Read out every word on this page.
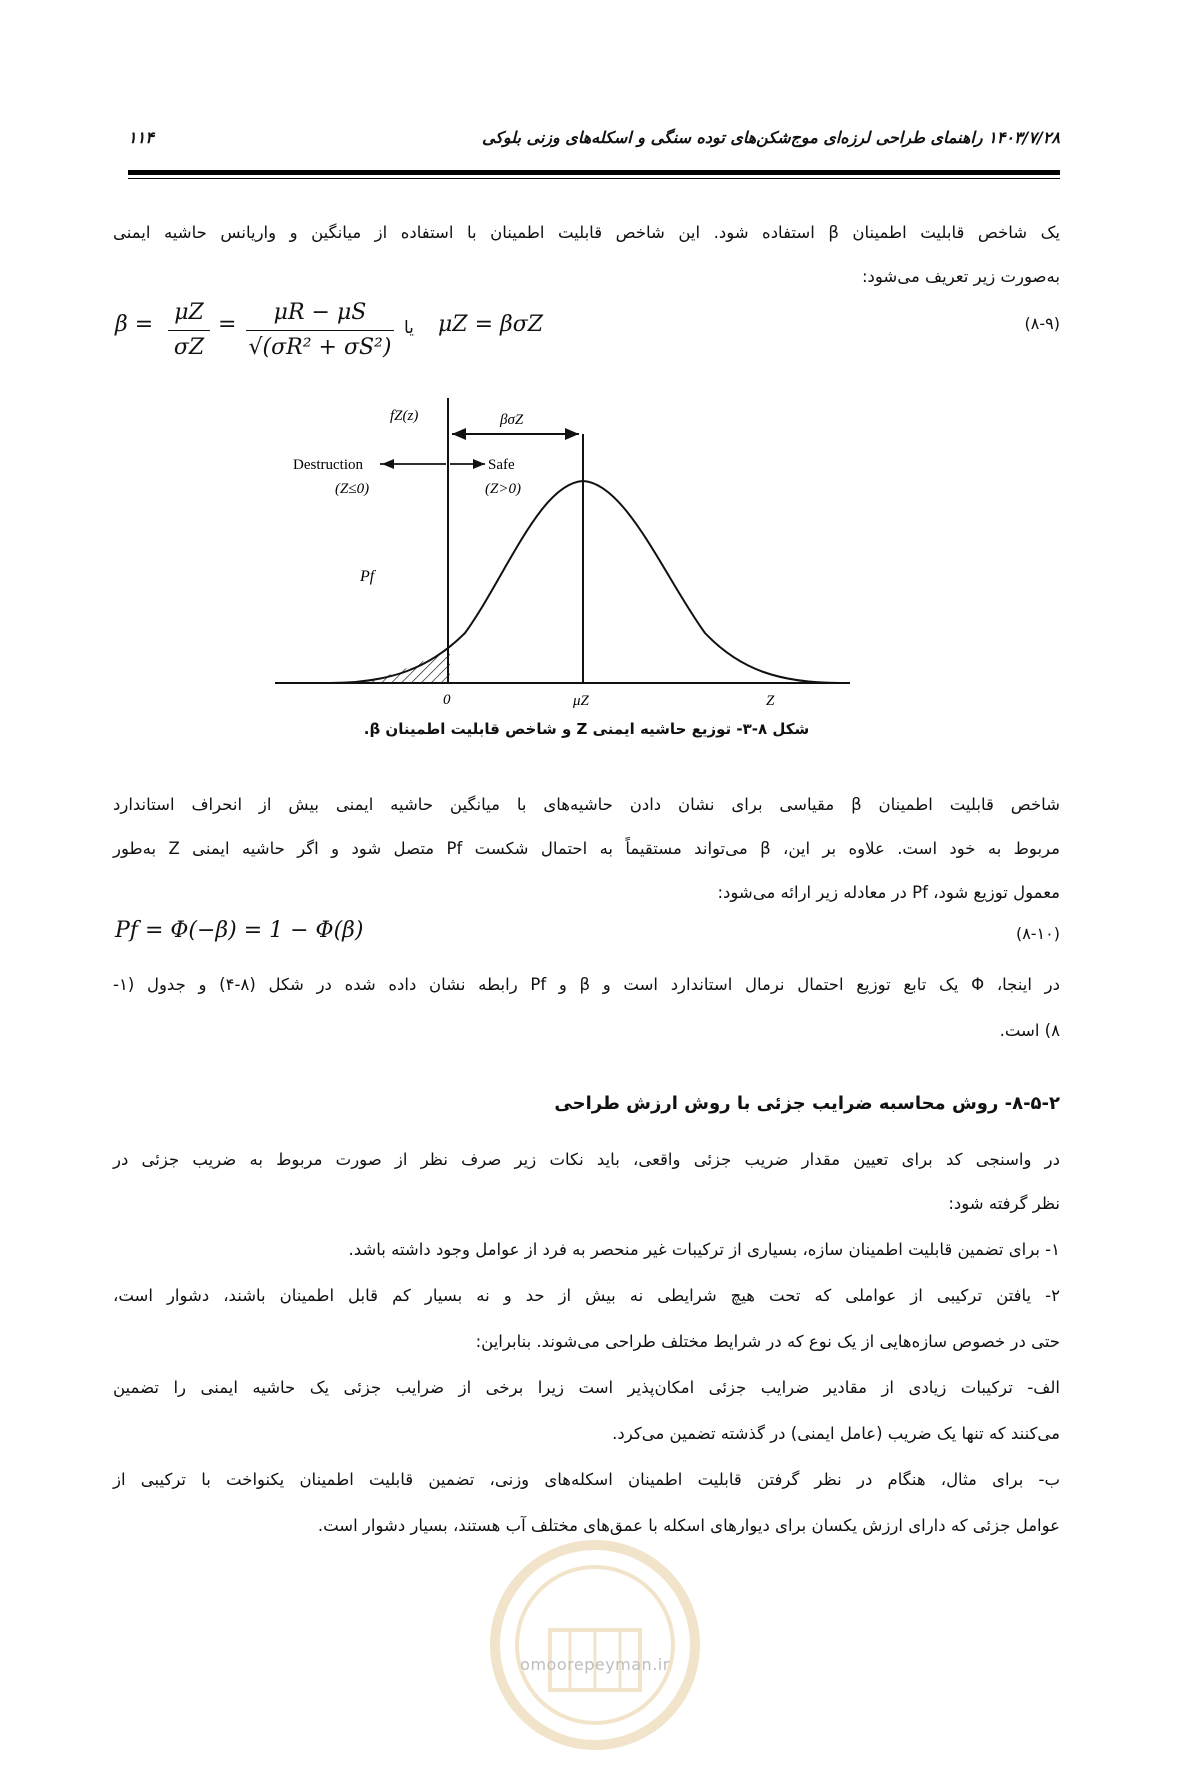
۱۱۴	۱۴۰۳/۷/۲۸ راهنمای طراحی لرزه‌ای موج‌شکن‌های توده سنگی و اسکله‌های وزنی بلوکی
یک شاخص قابلیت اطمینان β استفاده شود. این شاخص قابلیت اطمینان با استفاده از میانگین و واریانس حاشیه ایمنی
به‌صورت زیر تعریف می‌شود:
$\beta = \frac{\mu Z}{\sigma Z} = \frac{\mu R - \mu S}{\text{√(σR² + σS²)}}$ یا μZ = βσZ	(۸-۹)
fZ(z)	βσZ
Destruction
(Z≤0)
Safe
(Z>0)
Pf
0	μZ	Z
شکل ۸-۳- توزیع حاشیه ایمنی Z و شاخص قابلیت اطمینان β.
شاخص قابلیت اطمینان β مقیاسی برای نشان دادن حاشیه‌های با میانگین حاشیه ایمنی بیش از انحراف استاندارد
مربوط به خود است. علاوه بر این، β می‌تواند مستقیماً به احتمال شکست Pf متصل شود و اگر حاشیه ایمنی Z به‌طور
معمول توزیع شود، Pf در معادله زیر ارائه می‌شود:
Pf = Φ(−β) = 1 − Φ(β)	(۸-۱۰)
در اینجا، Φ یک تابع توزیع احتمال نرمال استاندارد است و β و Pf رابطه نشان داده شده در شکل (۸-۴) و جدول (۱-
۸) است.
۸-۵-۲- روش محاسبه ضرایب جزئی با روش ارزش طراحی
در واسنجی کد برای تعیین مقدار ضریب جزئی واقعی، باید نکات زیر صرف نظر از صورت مربوط به ضریب جزئی در
نظر گرفته شود:
۱- برای تضمین قابلیت اطمینان سازه، بسیاری از ترکیبات غیر منحصر به فرد از عوامل وجود داشته باشد.
۲- یافتن ترکیبی از عواملی که تحت هیچ شرایطی نه بیش از حد و نه بسیار کم قابل اطمینان باشند، دشوار است،
حتی در خصوص سازه‌هایی از یک نوع که در شرایط مختلف طراحی می‌شوند. بنابراین:
الف- ترکیبات زیادی از مقادیر ضرایب جزئی امکان‌پذیر است زیرا برخی از ضرایب جزئی یک حاشیه ایمنی را تضمین
می‌کنند که تنها یک ضریب (عامل ایمنی) در گذشته تضمین می‌کرد.
ب- برای مثال، هنگام در نظر گرفتن قابلیت اطمینان اسکله‌های وزنی، تضمین قابلیت اطمینان یکنواخت با ترکیبی از
عوامل جزئی که دارای ارزش یکسان برای دیوارهای اسکله با عمق‌های مختلف آب هستند، بسیار دشوار است.
omoorepeyman.ir
